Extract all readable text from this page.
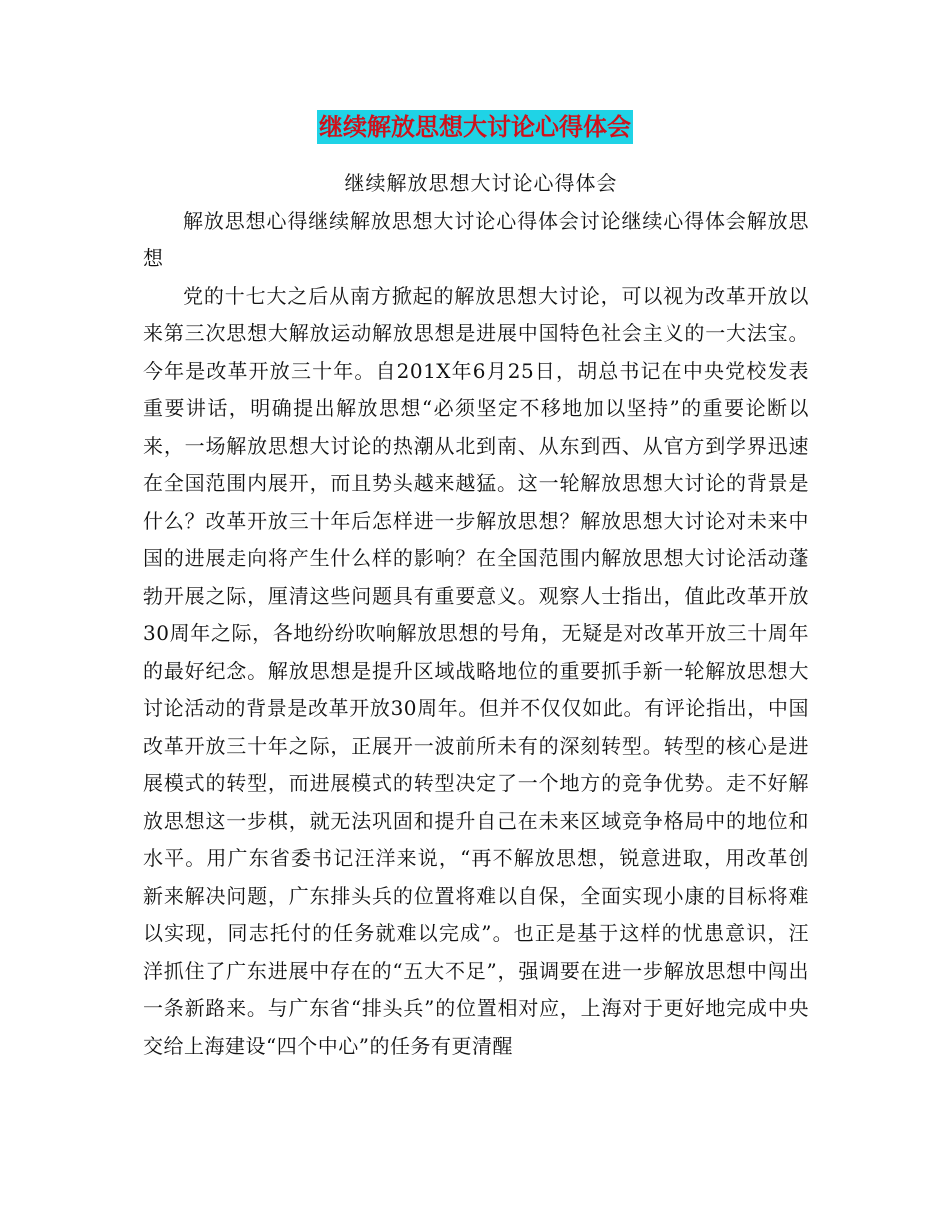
继续解放思想大讨论心得体会

继续解放思想大讨论心得体会

解放思想心得继续解放思想大讨论心得体会讨论继续心得体会解放思想

党的十七大之后从南方掀起的解放思想大讨论，可以视为改革开放以来第三次思想大解放运动解放思想是进展中国特色社会主义的一大法宝。今年是改革开放三十年。自201X年6月25日，胡总书记在中央党校发表重要讲话，明确提出解放思想“必须坚定不移地加以坚持”的重要论断以来，一场解放思想大讨论的热潮从北到南、从东到西、从官方到学界迅速在全国范围内展开，而且势头越来越猛。这一轮解放思想大讨论的背景是什么？改革开放三十年后怎样进一步解放思想？解放思想大讨论对未来中国的进展走向将产生什么样的影响？在全国范围内解放思想大讨论活动蓬勃开展之际，厘清这些问题具有重要意义。观察人士指出，值此改革开放30周年之际，各地纷纷吹响解放思想的号角，无疑是对改革开放三十周年的最好纪念。解放思想是提升区域战略地位的重要抓手新一轮解放思想大讨论活动的背景是改革开放30周年。但并不仅仅如此。有评论指出，中国改革开放三十年之际，正展开一波前所未有的深刻转型。转型的核心是进展模式的转型，而进展模式的转型决定了一个地方的竞争优势。走不好解放思想这一步棋，就无法巩固和提升自己在未来区域竞争格局中的地位和水平。用广东省委书记汪洋来说，“再不解放思想，锐意进取，用改革创新来解决问题，广东排头兵的位置将难以自保，全面实现小康的目标将难以实现，同志托付的任务就难以完成”。也正是基于这样的忧患意识，汪洋抓住了广东进展中存在的“五大不足”，强调要在进一步解放思想中闯出一条新路来。与广东省“排头兵”的位置相对应，上海对于更好地完成中央交给上海建设“四个中心”的任务有更清醒
